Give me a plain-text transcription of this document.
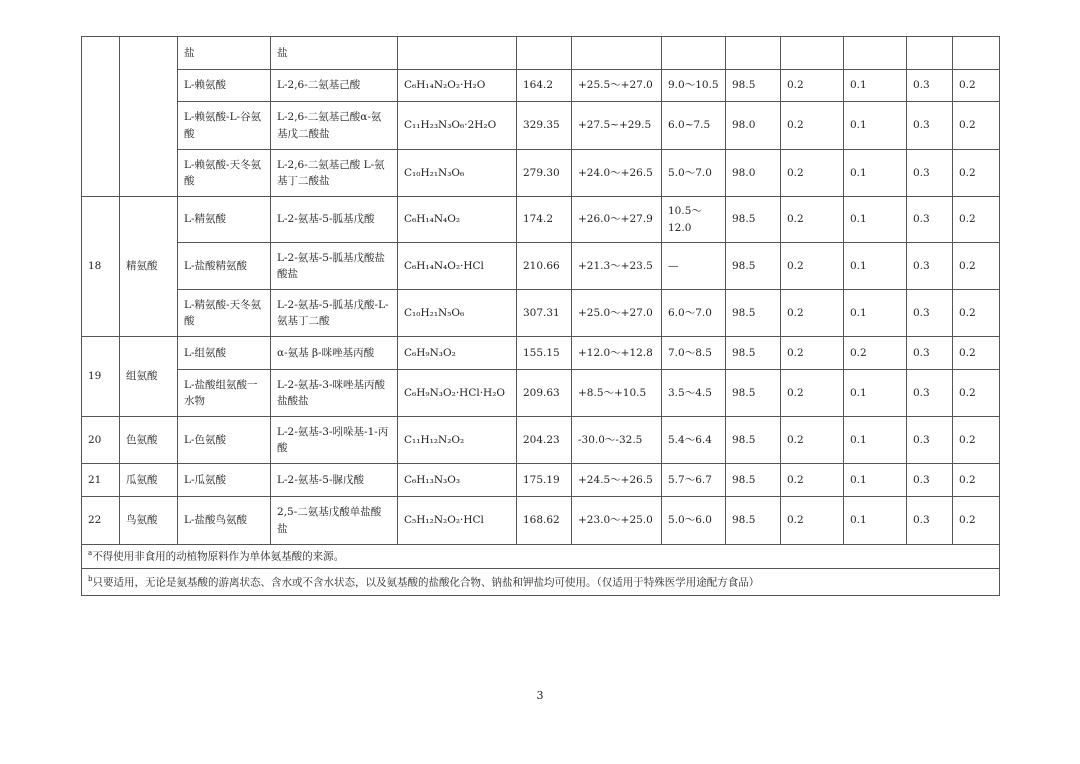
		盐	盐									
		L-赖氨酸	L-2,6-二氨基己酸	C₆H₁₄N₂O₂·H₂O	164.2	+25.5～+27.0	9.0～10.5	98.5	0.2	0.1	0.3	0.2
		L-赖氨酸-L-谷氨酸	L-2,6-二氨基己酸α-氨基戊二酸盐	C₁₁H₂₃N₃O₆·2H₂O	329.35	+27.5~+29.5	6.0~7.5	98.0	0.2	0.1	0.3	0.2
		L-赖氨酸-天冬氨酸	L-2,6-二氨基己酸 L-氨基丁二酸盐	C₁₀H₂₁N₃O₆	279.30	+24.0～+26.5	5.0～7.0	98.0	0.2	0.1	0.3	0.2
18	精氨酸	L-精氨酸	L-2-氨基-5-胍基戊酸	C₆H₁₄N₄O₂	174.2	+26.0～+27.9	10.5～12.0	98.5	0.2	0.1	0.3	0.2
		L-盐酸精氨酸	L-2-氨基-5-胍基戊酸盐酸盐	C₆H₁₄N₄O₂·HCl	210.66	+21.3～+23.5	—	98.5	0.2	0.1	0.3	0.2
		L-精氨酸-天冬氨酸	L-2-氨基-5-胍基戊酸-L-氨基丁二酸	C₁₀H₂₁N₅O₆	307.31	+25.0～+27.0	6.0～7.0	98.5	0.2	0.1	0.3	0.2
19	组氨酸	L-组氨酸	α-氨基 β-咪唑基丙酸	C₆H₉N₃O₂	155.15	+12.0～+12.8	7.0～8.5	98.5	0.2	0.2	0.3	0.2
		L-盐酸组氨酸一水物	L-2-氨基-3-咪唑基丙酸盐酸盐	C₆H₉N₃O₂·HCl·H₂O	209.63	+8.5～+10.5	3.5～4.5	98.5	0.2	0.1	0.3	0.2
20	色氨酸	L-色氨酸	L-2-氨基-3-吲哚基-1-丙酸	C₁₁H₁₂N₂O₂	204.23	-30.0～-32.5	5.4～6.4	98.5	0.2	0.1	0.3	0.2
21	瓜氨酸	L-瓜氨酸	L-2-氨基-5-脲戊酸	C₆H₁₃N₃O₃	175.19	+24.5～+26.5	5.7～6.7	98.5	0.2	0.1	0.3	0.2
22	鸟氨酸	L-盐酸鸟氨酸	2,5-二氨基戊酸单盐酸盐	C₅H₁₂N₂O₂·HCl	168.62	+23.0～+25.0	5.0～6.0	98.5	0.2	0.1	0.3	0.2
$^a$不得使用非食用的动植物原料作为单体氨基酸的来源。												
$^b$只要适用，无论是氨基酸的游离状态、含水或不含水状态，以及氨基酸的盐酸化合物、钠盐和钾盐均可使用。（仅适用于特殊医学用途配方食品）												
3
